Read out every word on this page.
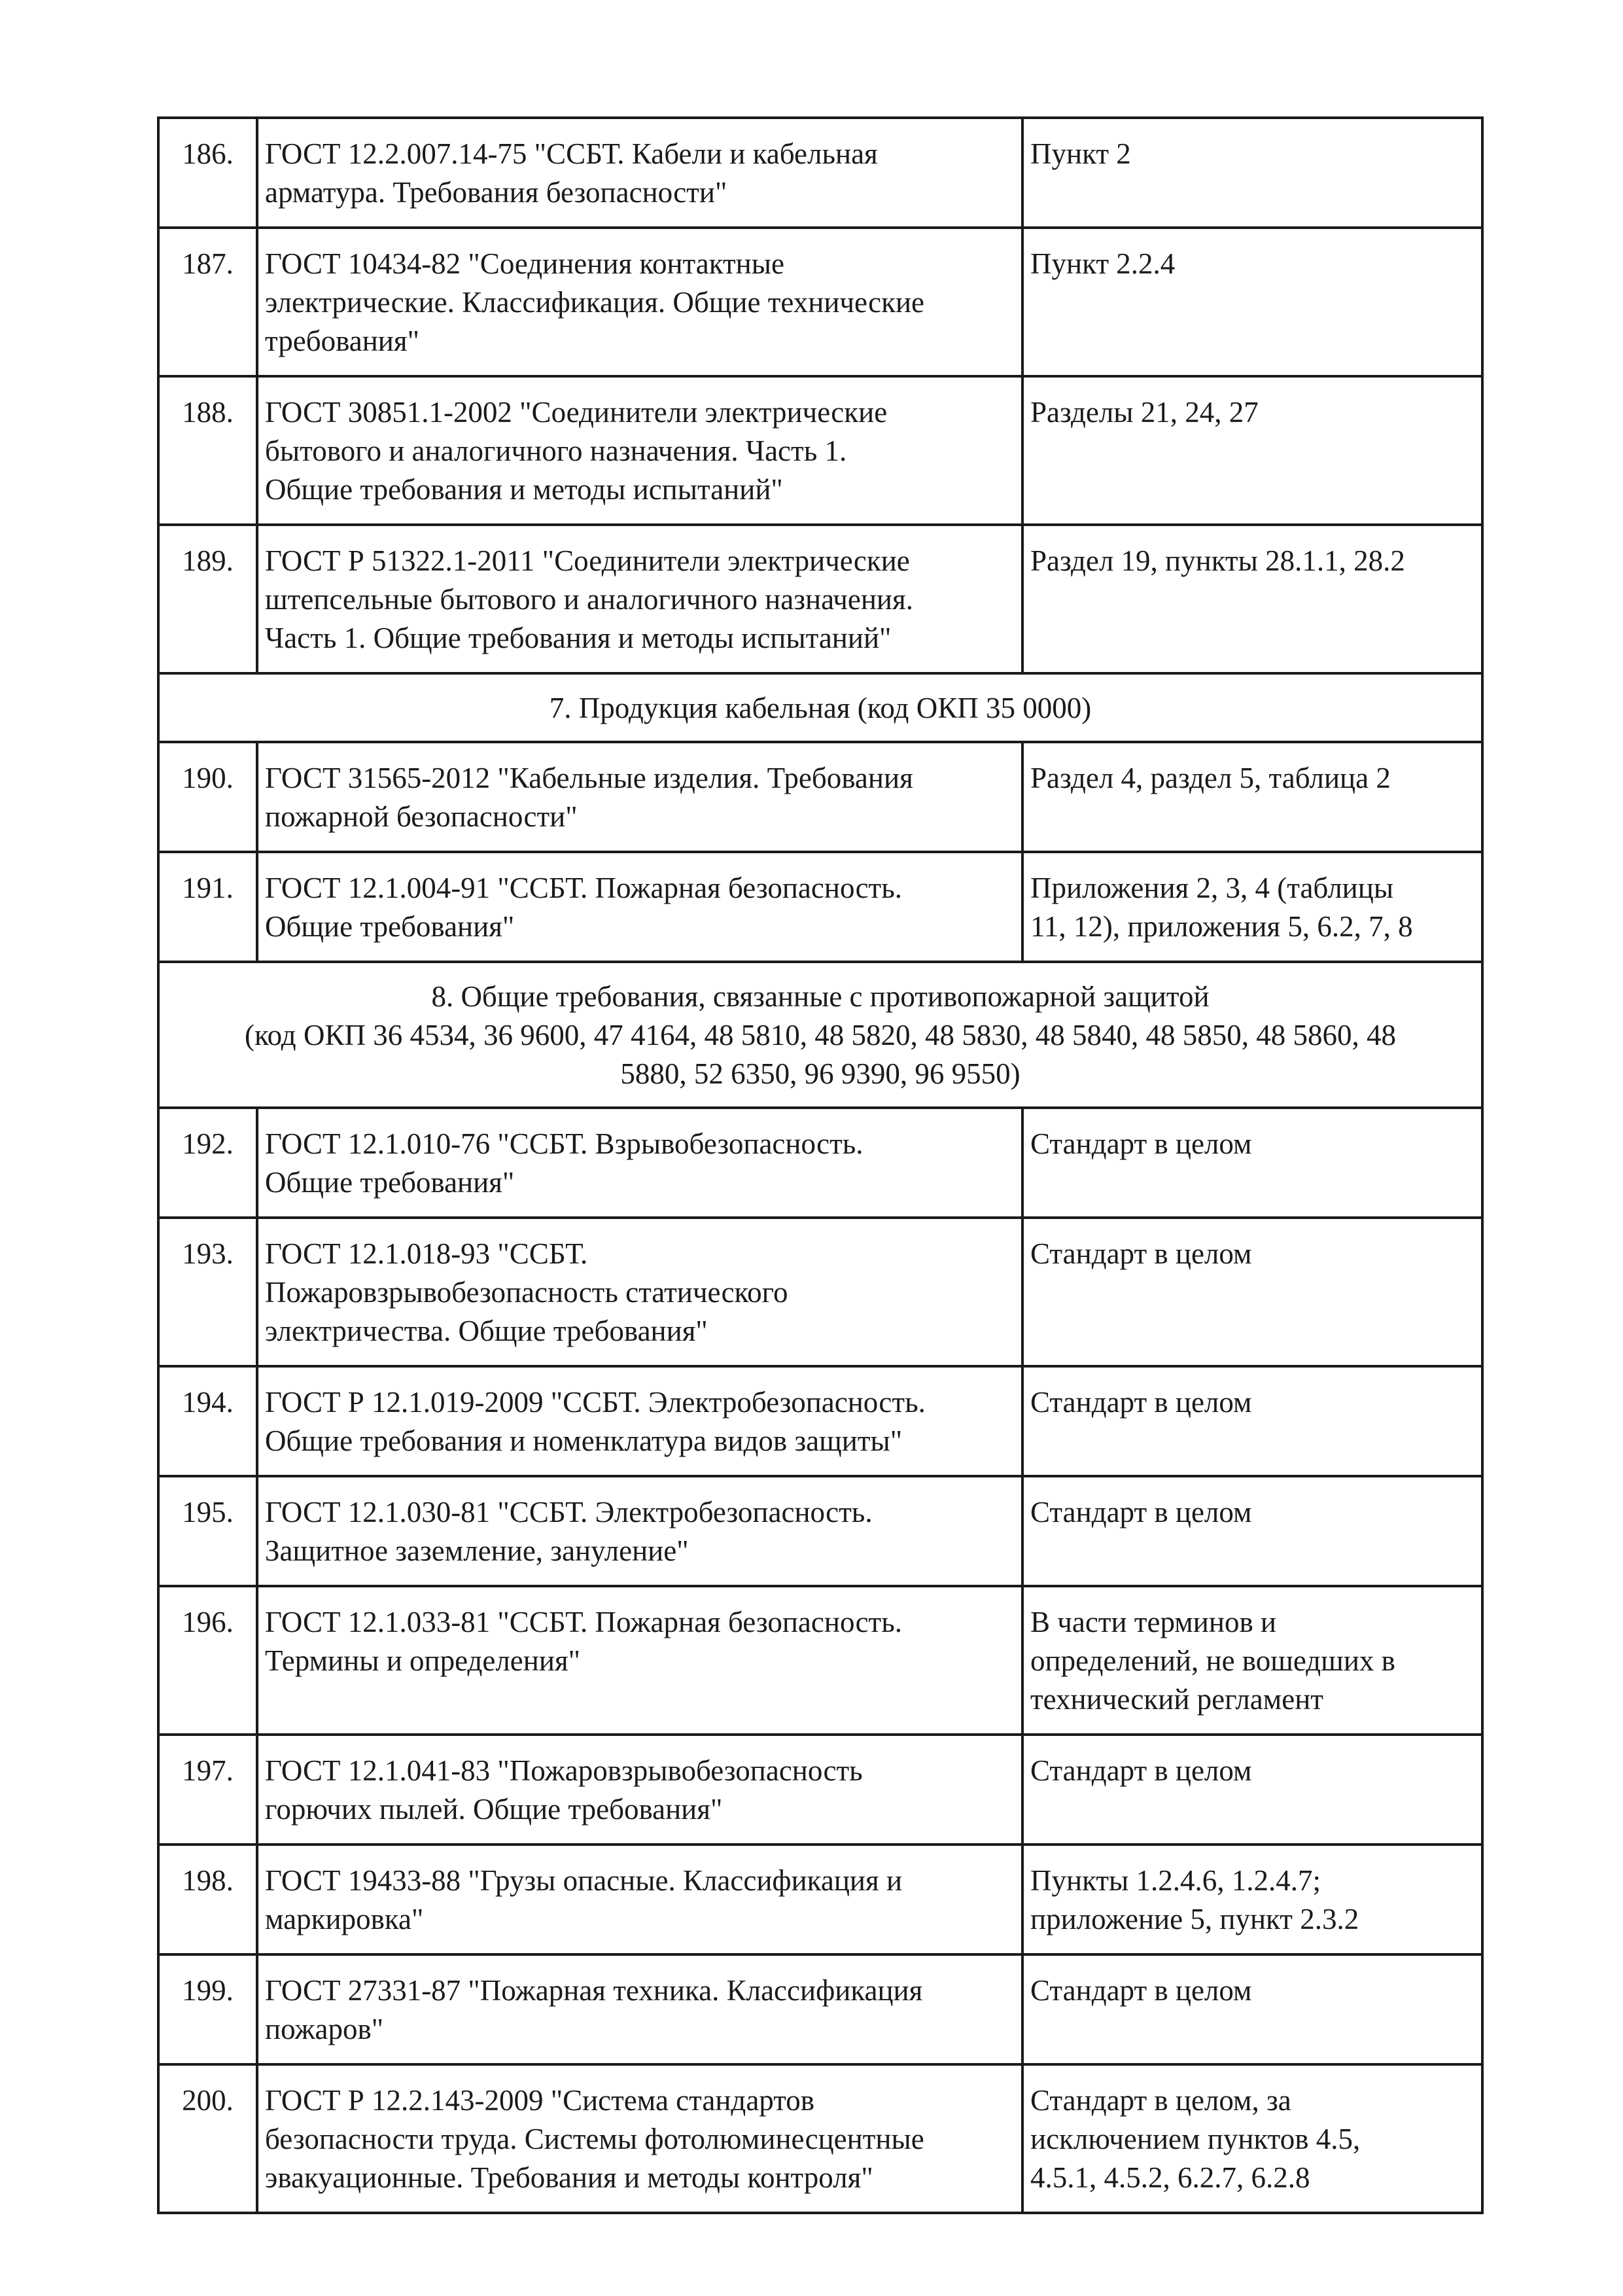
186.	ГОСТ 12.2.007.14-75 "ССБТ. Кабели и кабельная
арматура. Требования безопасности"	Пункт 2

187.	ГОСТ 10434-82 "Соединения контактные
электрические. Классификация. Общие технические
требования"	Пункт 2.2.4

188.	ГОСТ 30851.1-2002 "Соединители электрические
бытового и аналогичного назначения. Часть 1.
Общие требования и методы испытаний"	Разделы 21, 24, 27

189.	ГОСТ Р 51322.1-2011 "Соединители электрические
штепсельные бытового и аналогичного назначения.
Часть 1. Общие требования и методы испытаний"	Раздел 19, пункты 28.1.1, 28.2

7. Продукция кабельная (код ОКП 35 0000)		

190.	ГОСТ 31565-2012 "Кабельные изделия. Требования
пожарной безопасности"	Раздел 4, раздел 5, таблица 2

191.	ГОСТ 12.1.004-91 "ССБТ. Пожарная безопасность.
Общие требования"	Приложения 2, 3, 4 (таблицы
11, 12), приложения 5, 6.2, 7, 8

8. Общие требования, связанные с противопожарной защитой
(код ОКП 36 4534, 36 9600, 47 4164, 48 5810, 48 5820, 48 5830, 48 5840, 48 5850, 48 5860, 48
5880, 52 6350, 96 9390, 96 9550)		

192.	ГОСТ 12.1.010-76 "ССБТ. Взрывобезопасность.
Общие требования"	Стандарт в целом

193.	ГОСТ 12.1.018-93 "ССБТ.
Пожаровзрывобезопасность статического
электричества. Общие требования"	Стандарт в целом

194.	ГОСТ Р 12.1.019-2009 "ССБТ. Электробезопасность.
Общие требования и номенклатура видов защиты"	Стандарт в целом

195.	ГОСТ 12.1.030-81 "ССБТ. Электробезопасность.
Защитное заземление, зануление"	Стандарт в целом

196.	ГОСТ 12.1.033-81 "ССБТ. Пожарная безопасность.
Термины и определения"	В части терминов и
определений, не вошедших в
технический регламент

197.	ГОСТ 12.1.041-83 "Пожаровзрывобезопасность
горючих пылей. Общие требования"	Стандарт в целом

198.	ГОСТ 19433-88 "Грузы опасные. Классификация и
маркировка"	Пункты 1.2.4.6, 1.2.4.7;
приложение 5, пункт 2.3.2

199.	ГОСТ 27331-87 "Пожарная техника. Классификация
пожаров"	Стандарт в целом

200.	ГОСТ Р 12.2.143-2009 "Система стандартов
безопасности труда. Системы фотолюминесцентные
эвакуационные. Требования и методы контроля"	Стандарт в целом, за
исключением пунктов 4.5,
4.5.1, 4.5.2, 6.2.7, 6.2.8
